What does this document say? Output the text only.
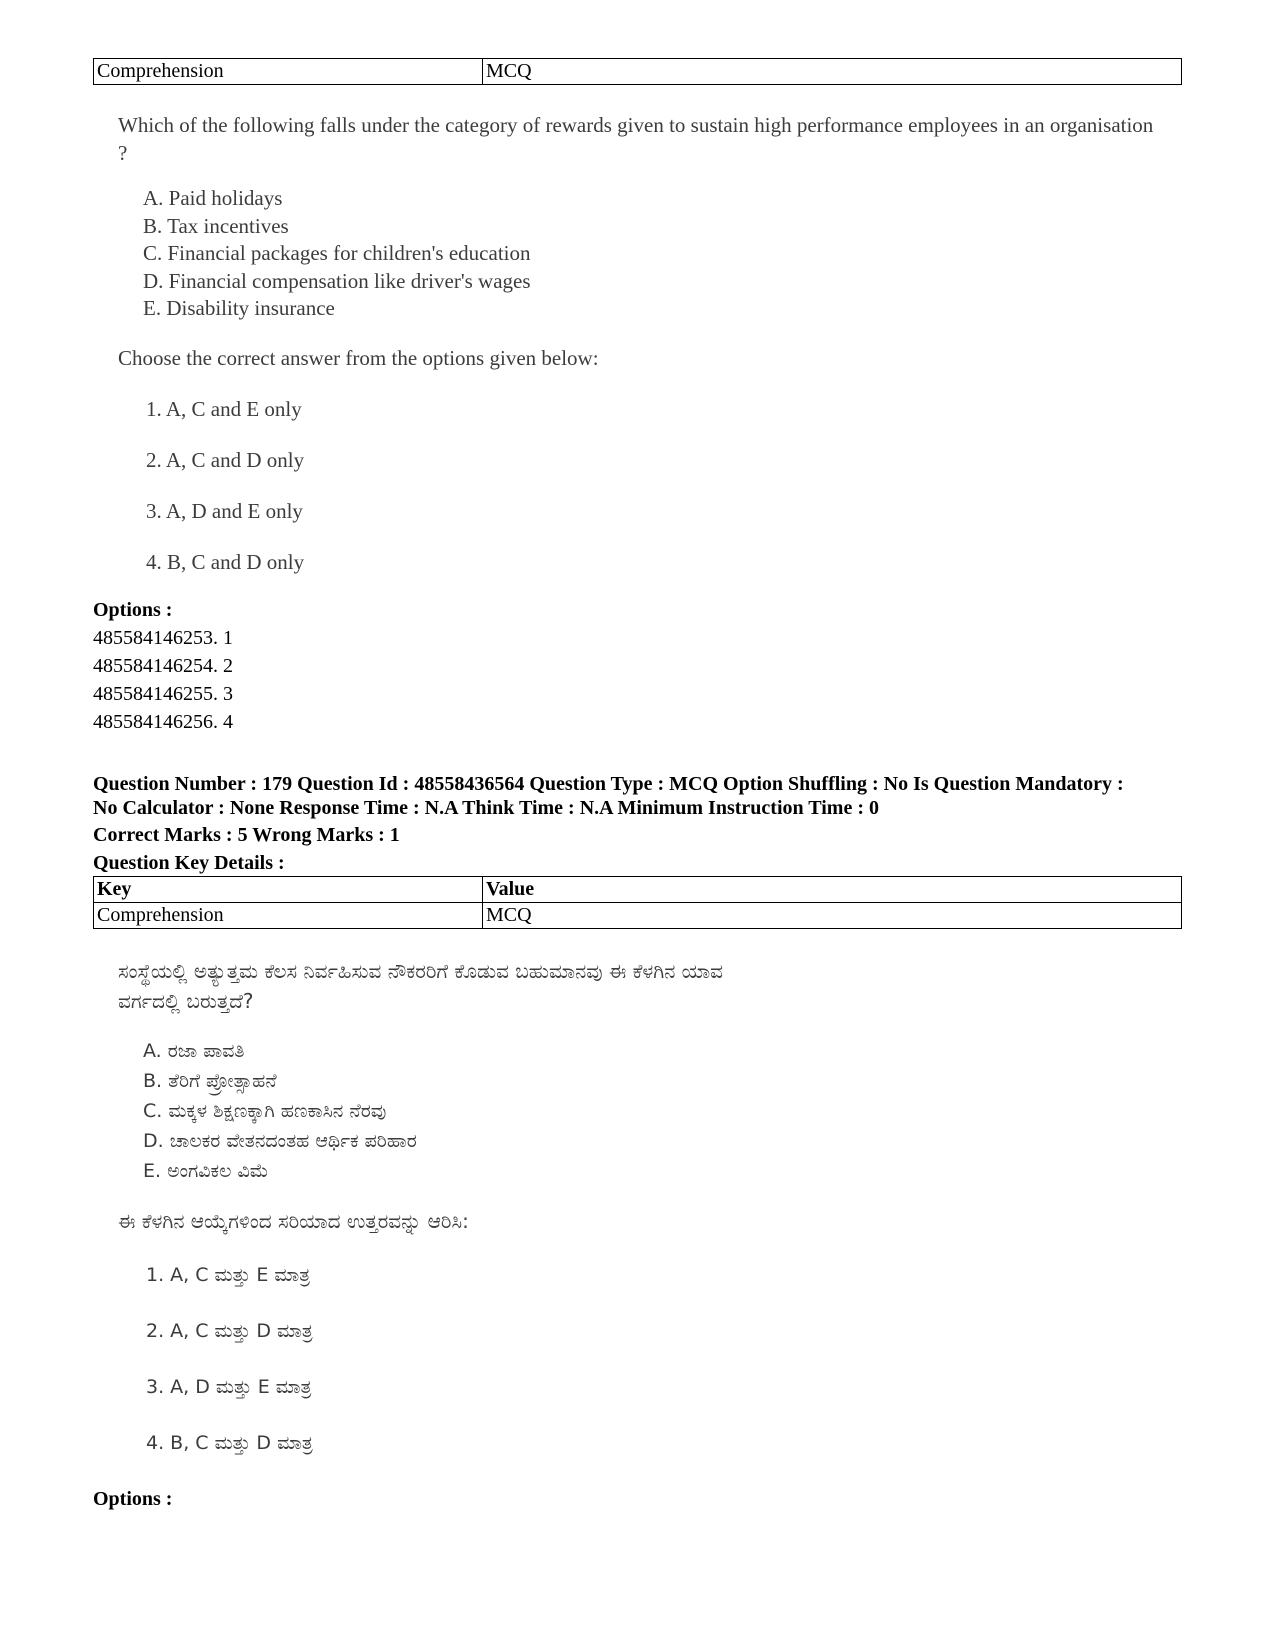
Comprehension	MCQ

Which of the following falls under the category of rewards given to sustain high performance employees in an organisation ?

A. Paid holidays

B. Tax incentives

C. Financial packages for children's education

D. Financial compensation like driver's wages

E. Disability insurance

Choose the correct answer from the options given below:

1. A, C and E only

2. A, C and D only

3. A, D and E only

4. B, C and D only

Options :

485584146253. 1

485584146254. 2

485584146255. 3

485584146256. 4

Question Number : 179 Question Id : 48558436564 Question Type : MCQ Option Shuffling : No Is Question Mandatory :

No Calculator : None Response Time : N.A Think Time : N.A Minimum Instruction Time : 0

Correct Marks : 5 Wrong Marks : 1

Question Key Details :

Key	Value
Comprehension	MCQ

ಸಂಸ್ಥೆಯಲ್ಲಿ ಅತ್ಯುತ್ತಮ ಕೆಲಸ ನಿರ್ವಹಿಸುವ ನೌಕರರಿಗೆ ಕೊಡುವ ಬಹುಮಾನವು ಈ ಕೆಳಗಿನ ಯಾವ

ವರ್ಗದಲ್ಲಿ ಬರುತ್ತದೆ?

A. ರಜಾ ಪಾವತಿ

B. ತೆರಿಗೆ ಪ್ರೋತ್ಸಾಹನೆ

C. ಮಕ್ಕಳ ಶಿಕ್ಷಣಕ್ಕಾಗಿ ಹಣಕಾಸಿನ ನೆರವು

D. ಚಾಲಕರ ವೇತನದಂತಹ ಆರ್ಥಿಕ ಪರಿಹಾರ

E. ಅಂಗವಿಕಲ ವಿಮೆ

ಈ ಕೆಳಗಿನ ಆಯ್ಕೆಗಳಿಂದ ಸರಿಯಾದ ಉತ್ತರವನ್ನು ಆರಿಸಿ:

1. A, C ಮತ್ತು E ಮಾತ್ರ

2. A, C ಮತ್ತು D ಮಾತ್ರ

3. A, D ಮತ್ತು E ಮಾತ್ರ

4. B, C ಮತ್ತು D ಮಾತ್ರ

Options :
